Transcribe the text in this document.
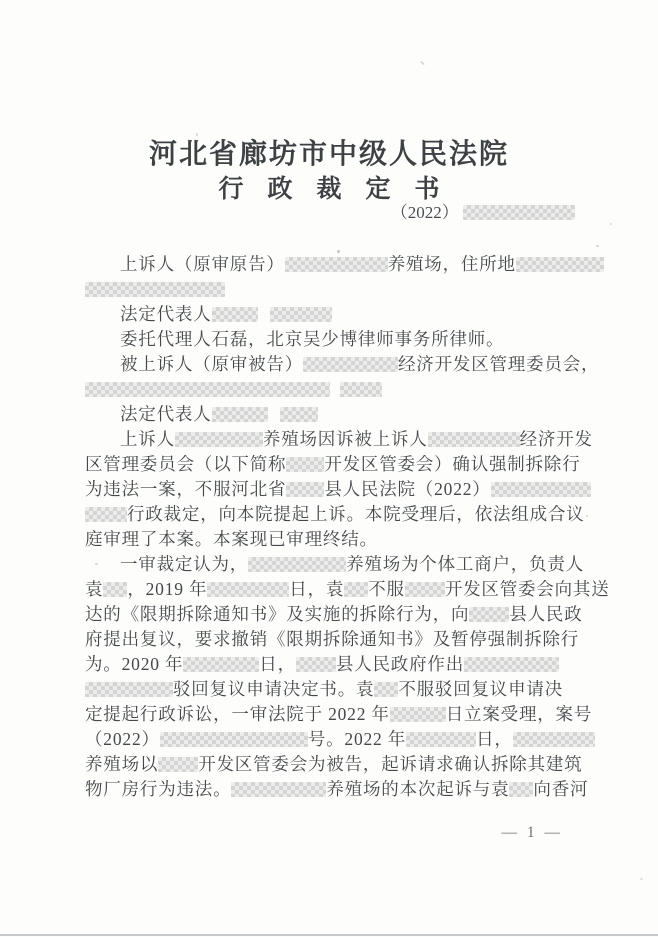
河北省廊坊市中级人民法院
行政裁定书
（2022）
上诉人（原审原告）	养殖场，住所地
法定代表人
委托代理人石磊，北京吴少博律师事务所律师。
被上诉人（原审被告）	经济开发区管理委员会，
法定代表人
上诉人	养殖场因诉被上诉人	经济开发
区管理委员会（以下简称 开发区管委会）确认强制拆除行
为违法一案，不服河北省 县人民法院（2022）
行政裁定，向本院提起上诉。本院受理后，依法组成合议
庭审理了本案。本案现已审理终结。
一审裁定认为，	养殖场为个体工商户，负责人
袁 ，2019 年	日，袁 不服 开发区管委会向其送
达的《限期拆除通知书》及实施的拆除行为，向 县人民政
府提出复议，要求撤销《限期拆除通知书》及暂停强制拆除行
为。2020 年	日， 县人民政府作出
驳回复议申请决定书。袁 不服驳回复议申请决
定提起行政诉讼，一审法院于 2022 年	日立案受理，案号
（2022）	号。2022 年	日，
养殖场以 开发区管委会为被告，起诉请求确认拆除其建筑
物厂房行为违法。	养殖场的本次起诉与袁 向香河
— 1 —
